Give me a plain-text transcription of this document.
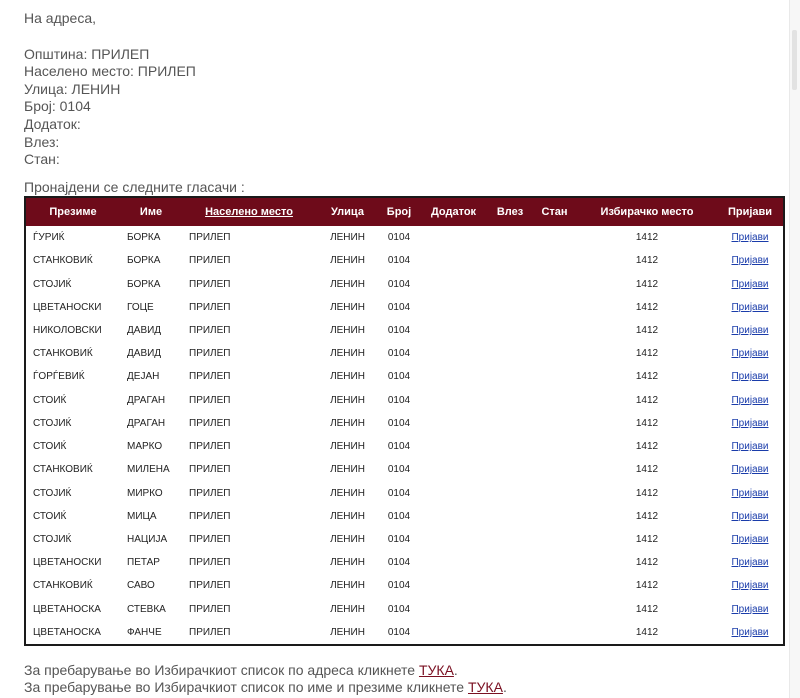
На адреса,
Општина: ПРИЛЕП
Населено место: ПРИЛЕП
Улица: ЛЕНИН
Број: 0104
Додаток:
Влез:
Стан:
Пронајдени се следните гласачи :
Презиме	Име	Населено место	Улица	Број	Додаток	Влез	Стан	Избирачко место	Пријави
ЃУРИЌ	БОРКА	ПРИЛЕП	ЛЕНИН	0104				1412	Пријави
СТАНКОВИЌ	БОРКА	ПРИЛЕП	ЛЕНИН	0104				1412	Пријави
СТОЈИЌ	БОРКА	ПРИЛЕП	ЛЕНИН	0104				1412	Пријави
ЦВЕТАНОСКИ	ГОЦЕ	ПРИЛЕП	ЛЕНИН	0104				1412	Пријави
НИКОЛОВСКИ	ДАВИД	ПРИЛЕП	ЛЕНИН	0104				1412	Пријави
СТАНКОВИЌ	ДАВИД	ПРИЛЕП	ЛЕНИН	0104				1412	Пријави
ЃОРЃЕВИЌ	ДЕЈАН	ПРИЛЕП	ЛЕНИН	0104				1412	Пријави
СТОИЌ	ДРАГАН	ПРИЛЕП	ЛЕНИН	0104				1412	Пријави
СТОЈИЌ	ДРАГАН	ПРИЛЕП	ЛЕНИН	0104				1412	Пријави
СТОИЌ	МАРКО	ПРИЛЕП	ЛЕНИН	0104				1412	Пријави
СТАНКОВИЌ	МИЛЕНА	ПРИЛЕП	ЛЕНИН	0104				1412	Пријави
СТОЈИЌ	МИРКО	ПРИЛЕП	ЛЕНИН	0104				1412	Пријави
СТОИЌ	МИЦА	ПРИЛЕП	ЛЕНИН	0104				1412	Пријави
СТОЈИЌ	НАЦИЈА	ПРИЛЕП	ЛЕНИН	0104				1412	Пријави
ЦВЕТАНОСКИ	ПЕТАР	ПРИЛЕП	ЛЕНИН	0104				1412	Пријави
СТАНКОВИЌ	САВО	ПРИЛЕП	ЛЕНИН	0104				1412	Пријави
ЦВЕТАНОСКА	СТЕВКА	ПРИЛЕП	ЛЕНИН	0104				1412	Пријави
ЦВЕТАНОСКА	ФАНЧЕ	ПРИЛЕП	ЛЕНИН	0104				1412	Пријави
За пребарување во Избирачкиот список по адреса кликнете ТУКА.
За пребарување во Избирачкиот список по име и презиме кликнете ТУКА.
